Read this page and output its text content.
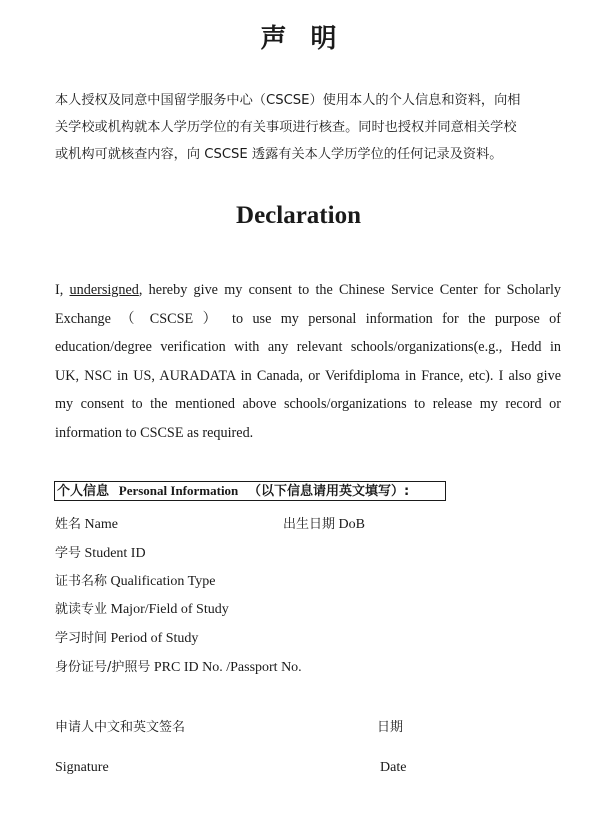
声明

本人授权及同意中国留学服务中心（CSCSE）使用本人的个人信息和资料，向相
关学校或机构就本人学历学位的有关事项进行核查。同时也授权并同意相关学校
或机构可就核查内容，向 CSCSE 透露有关本人学历学位的任何记录及资料。

Declaration

I, undersigned, hereby give my consent to the Chinese Service Center for Scholarly
Exchange （ CSCSE ） to use my personal information for the purpose of
education/degree verification with any relevant schools/organizations(e.g., Hedd in
UK, NSC in US, AURADATA in Canada, or Verifdiploma in France, etc). I also give
my consent to the mentioned above schools/organizations to release my record or
information to CSCSE as required.

个人信息 Personal Information （以下信息请用英文填写）:
姓名 Name	出生日期 DoB
学号 Student ID
证书名称 Qualification Type
就读专业 Major/Field of Study
学习时间 Period of Study
身份证号/护照号 PRC ID No. /Passport No.
申请人中文和英文签名	日期
Signature	Date
